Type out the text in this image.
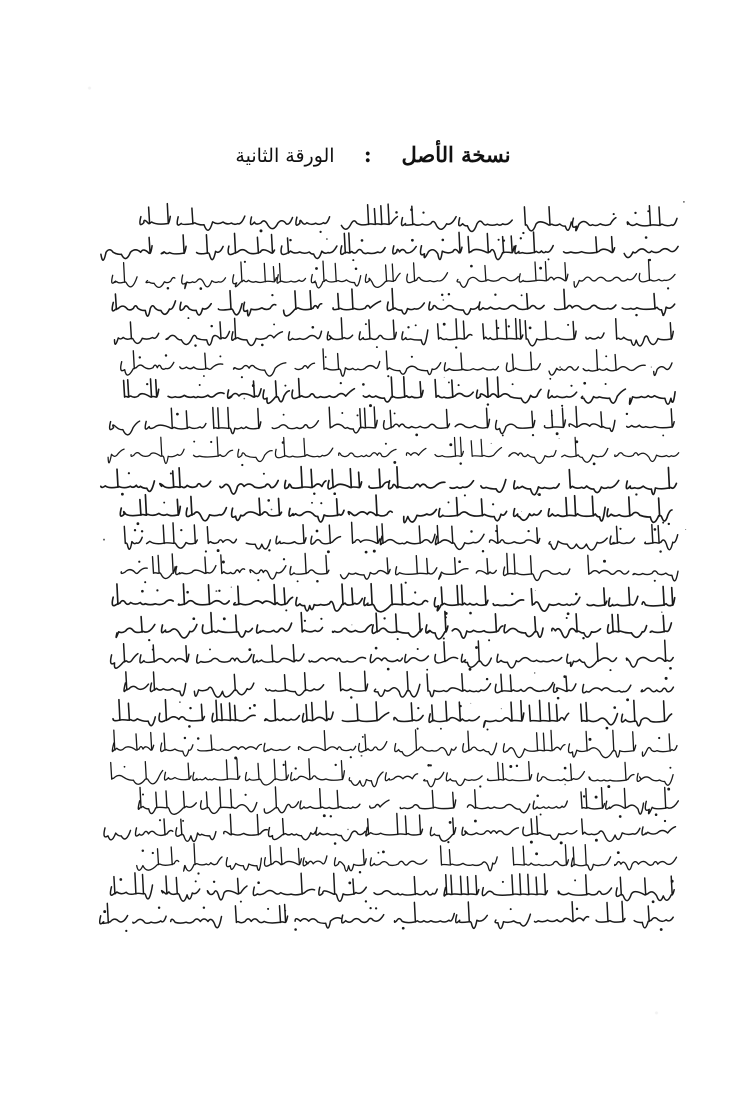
نسخة الأصل : الورقة الثانية
